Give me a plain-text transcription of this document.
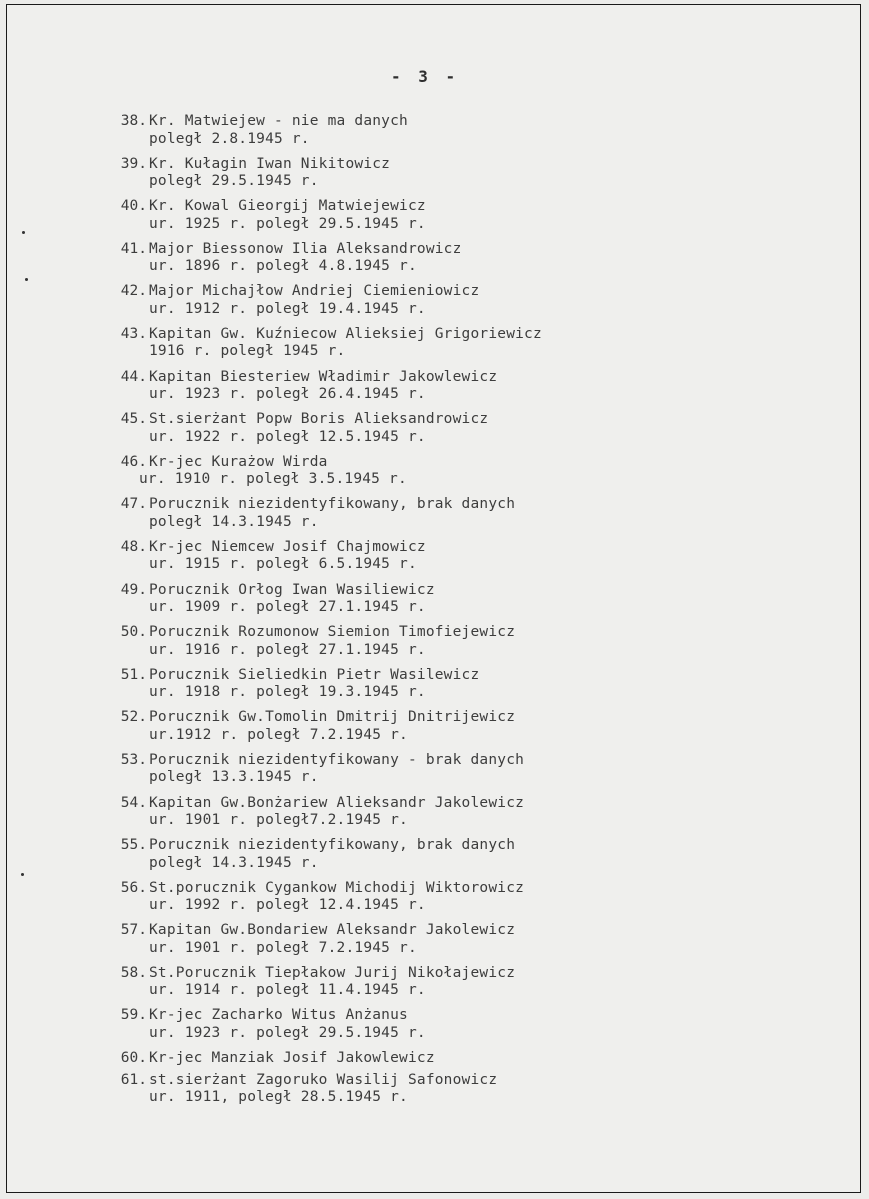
- 3 -
38. Kr. Matwiejew - nie ma danych
poległ 2.8.1945 r.
39. Kr. Kułagin Iwan Nikitowicz
poległ 29.5.1945 r.
40. Kr. Kowal Gieorgij Matwiejewicz
ur. 1925 r. poległ 29.5.1945 r.
41. Major Biessonow Ilia Aleksandrowicz
ur. 1896 r. poległ 4.8.1945 r.
42. Major Michajłow Andriej Ciemieniowicz
ur. 1912 r. poległ 19.4.1945 r.
43. Kapitan Gw. Kuźniecow Alieksiej Grigoriewicz
1916 r. poległ 1945 r.
44. Kapitan Biesteriew Władimir Jakowlewicz
ur. 1923 r. poległ 26.4.1945 r.
45. St.sierżant Popw Boris Alieksandrowicz
ur. 1922 r. poległ 12.5.1945 r.
46. Kr-jec Kurażow Wirda
ur. 1910 r. poległ 3.5.1945 r.
47. Porucznik niezidentyfikowany, brak danych
poległ 14.3.1945 r.
48. Kr-jec Niemcew Josif Chajmowicz
ur. 1915 r. poległ 6.5.1945 r.
49. Porucznik Orłog Iwan Wasiliewicz
ur. 1909 r. poległ 27.1.1945 r.
50. Porucznik Rozumonow Siemion Timofiejewicz
ur. 1916 r. poległ 27.1.1945 r.
51. Porucznik Sieliedkin Pietr Wasilewicz
ur. 1918 r. poległ 19.3.1945 r.
52. Porucznik Gw.Tomolin Dmitrij Dnitrijewicz
ur.1912 r. poległ 7.2.1945 r.
53. Porucznik niezidentyfikowany - brak danych
poległ 13.3.1945 r.
54. Kapitan Gw.Bonżariew Alieksandr Jakolewicz
ur. 1901 r. poległ7.2.1945 r.
55. Porucznik niezidentyfikowany, brak danych
poległ 14.3.1945 r.
56. St.porucznik Cygankow Michodij Wiktorowicz
ur. 1992 r. poległ 12.4.1945 r.
57. Kapitan Gw.Bondariew Aleksandr Jakolewicz
ur. 1901 r. poległ 7.2.1945 r.
58. St.Porucznik Tiepłakow Jurij Nikołajewicz
ur. 1914 r. poległ 11.4.1945 r.
59. Kr-jec Zacharko Witus Anżanus
ur. 1923 r. poległ 29.5.1945 r.
60. Kr-jec Manziak Josif Jakowlewicz
61. st.sierżant Zagoruko Wasilij Safonowicz
ur. 1911, poległ 28.5.1945 r.
